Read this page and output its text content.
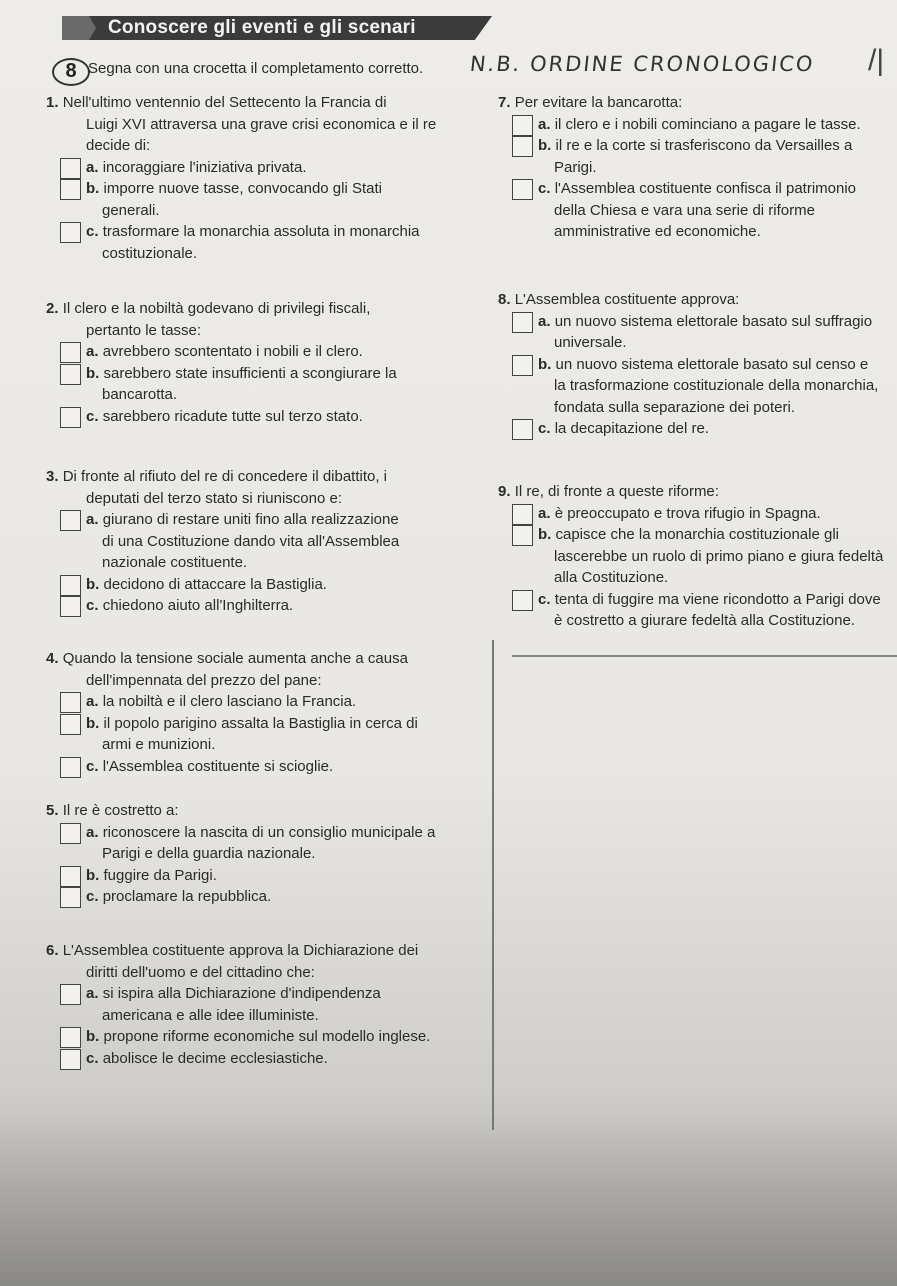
Conoscere gli eventi e gli scenari
8 Segna con una crocetta il completamento corretto. N.B. ORDINE CRONOLOGICO /|
1. Nell'ultimo ventennio del Settecento la Francia di
Luigi XVI attraversa una grave crisi economica e il re
decide di:
a. incoraggiare l'iniziativa privata.
b. imporre nuove tasse, convocando gli Stati
generali.
c. trasformare la monarchia assoluta in monarchia
costituzionale.
2. Il clero e la nobiltà godevano di privilegi fiscali,
pertanto le tasse:
a. avrebbero scontentato i nobili e il clero.
b. sarebbero state insufficienti a scongiurare la
bancarotta.
c. sarebbero ricadute tutte sul terzo stato.
3. Di fronte al rifiuto del re di concedere il dibattito, i
deputati del terzo stato si riuniscono e:
a. giurano di restare uniti fino alla realizzazione
di una Costituzione dando vita all'Assemblea
nazionale costituente.
b. decidono di attaccare la Bastiglia.
c. chiedono aiuto all'Inghilterra.
4. Quando la tensione sociale aumenta anche a causa
dell'impennata del prezzo del pane:
a. la nobiltà e il clero lasciano la Francia.
b. il popolo parigino assalta la Bastiglia in cerca di
armi e munizioni.
c. l'Assemblea costituente si scioglie.
5. Il re è costretto a:
a. riconoscere la nascita di un consiglio municipale a
Parigi e della guardia nazionale.
b. fuggire da Parigi.
c. proclamare la repubblica.
6. L'Assemblea costituente approva la Dichiarazione dei
diritti dell'uomo e del cittadino che:
a. si ispira alla Dichiarazione d'indipendenza
americana e alle idee illuministe.
b. propone riforme economiche sul modello inglese.
c. abolisce le decime ecclesiastiche.
7. Per evitare la bancarotta:
a. il clero e i nobili cominciano a pagare le tasse.
b. il re e la corte si trasferiscono da Versailles a
Parigi.
c. l'Assemblea costituente confisca il patrimonio
della Chiesa e vara una serie di riforme
amministrative ed economiche.
8. L'Assemblea costituente approva:
a. un nuovo sistema elettorale basato sul suffragio
universale.
b. un nuovo sistema elettorale basato sul censo e
la trasformazione costituzionale della monarchia,
fondata sulla separazione dei poteri.
c. la decapitazione del re.
9. Il re, di fronte a queste riforme:
a. è preoccupato e trova rifugio in Spagna.
b. capisce che la monarchia costituzionale gli
lascerebbe un ruolo di primo piano e giura fedeltà
alla Costituzione.
c. tenta di fuggire ma viene ricondotto a Parigi dove
è costretto a giurare fedeltà alla Costituzione.
